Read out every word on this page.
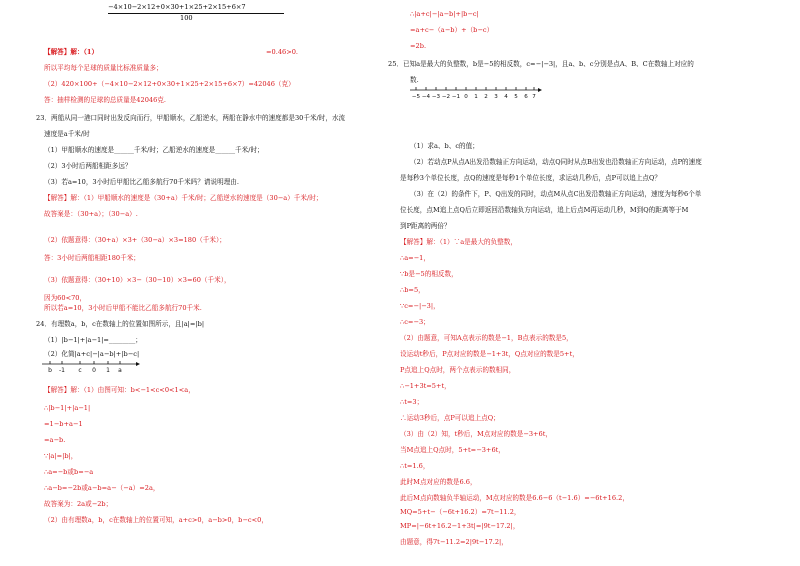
−4×10−2×12+0×30+1×25+2×15+6×7
100
【解答】解：（1）	=0.46>0.
所以平均每个足球的质量比标准质量多；
（2）420×100+（−4×10−2×12+0×30+1×25+2×15+6×7）=42046（克）
答：抽样检测的足球的总质量是42046克.
23．两船从同一港口同时出发反向而行，甲船顺水，乙船逆水，两船在静水中的速度都是30千米/时，水流
速度是a千米/时
（1）甲船顺水的速度是______千米/时；乙船逆水的速度是______千米/时；
（2）3小时后两船相距多远？
（3）若a=10，3小时后甲船比乙船多航行70千米吗？请说明理由.
【解答】解：（1）甲船顺水的速度是（30+a）千米/时；乙船逆水的速度是（30−a）千米/时；
故答案是：（30+a）；（30−a）.
（2）依题意得：（30+a）×3+（30−a）×3=180（千米）；
答：3小时后两船相距180千米；
（3）依题意得：（30+10）×3−（30−10）×3=60（千米），
因为60<70，
所以若a=10，3小时后甲船不能比乙船多航行70千米.
24．有理数a，b，c在数轴上的位置如图所示，且|a|=|b|
（1）|b−1|+|a−1|=________；
（2）化简|a+c|−|a−b|+|b−c|
b -1 c 0 1 a
【解答】解：（1）由图可知：b<−1<c<0<1<a，
∴|b−1|+|a−1|
=1−b+a−1
=a−b.
∵|a|=|b|，
∴a=−b或b=−a
∴a−b=−2b或a−b=a−（−a）=2a，
故答案为：2a或−2b；
（2）由有理数a，b，c在数轴上的位置可知，a+c>0，a−b>0，b−c<0，
∴|a+c|−|a−b|+|b−c|
=a+c−（a−b）+（b−c）
=2b.
25．已知a是最大的负整数，b是−5的相反数，c=−|−3|，且a、b、c分别是点A、B、C在数轴上对应的
数.
−5 −4 −3 −2 −1 0 1 2 3 4 5 6 7
（1）求a、b、c的值；
（2）若动点P从点A出发沿数轴正方向运动，动点Q同时从点B出发也沿数轴正方向运动，点P的速度
是每秒3个单位长度，点Q的速度是每秒1个单位长度，求运动几秒后，点P可以追上点Q？
（3）在（2）的条件下，P、Q出发的同时，动点M从点C出发沿数轴正方向运动，速度为每秒6个单
位长度，点M追上点Q后立即返回沿数轴负方向运动，追上后点M再运动几秒，M到Q的距离等于M
到P距离的两倍？
【解答】解：（1）∵a是最大的负整数，
∴a=−1，
∵b是−5的相反数，
∴b=5，
∵c=−|−3|，
∴c=−3；
（2）由题意，可知A点表示的数是−1，B点表示的数是5，
设运动t秒后，P点对应的数是−1+3t，Q点对应的数是5+t，
P点追上Q点时，两个点表示的数相同，
∴−1+3t=5+t，
∴t=3；
∴运动3秒后，点P可以追上点Q；
（3）由（2）知，t秒后，M点对应的数是−3+6t，
当M点追上Q点时，5+t=−3+6t，
∴t=1.6，
此时M点对应的数是6.6，
此后M点向数轴负半轴运动，M点对应的数是6.6−6（t−1.6）=−6t+16.2，
MQ=5+t−（−6t+16.2）=7t−11.2，
MP=|−6t+16.2−1+3t|=|9t−17.2|，
由题意，得7t−11.2=2|9t−17.2|，
